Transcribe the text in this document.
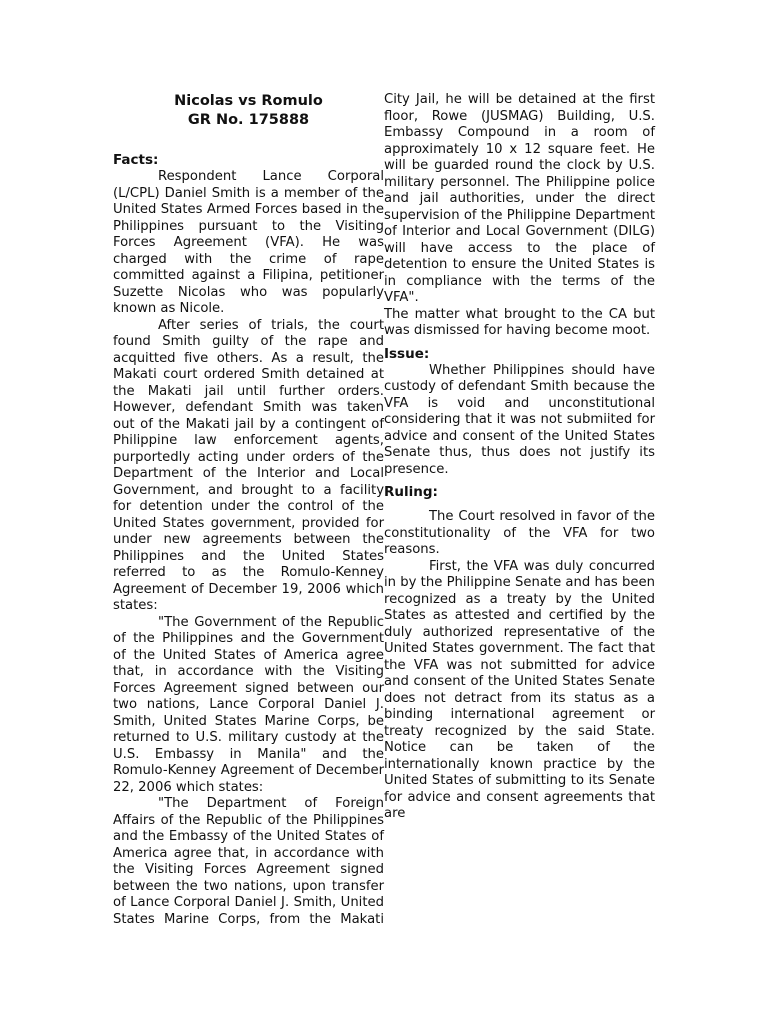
Nicolas vs Romulo
GR No. 175888
Facts:

Respondent Lance Corporal (L/CPL) Daniel Smith is a member of the United States Armed Forces based in the Philippines pursuant to the Visiting Forces Agreement (VFA). He was charged with the crime of rape committed against a Filipina, petitioner Suzette Nicolas who was popularly known as Nicole.

After series of trials, the court found Smith guilty of the rape and acquitted five others. As a result, the Makati court ordered Smith detained at the Makati jail until further orders. However, defendant Smith was taken out of the Makati jail by a contingent of Philippine law enforcement agents, purportedly acting under orders of the Department of the Interior and Local Government, and brought to a facility for detention under the control of the United States government, provided for under new agreements between the Philippines and the United States referred to as the Romulo-Kenney Agreement of December 19, 2006 which states:

"The Government of the Republic of the Philippines and the Government of the United States of America agree that, in accordance with the Visiting Forces Agreement signed between our two nations, Lance Corporal Daniel J. Smith, United States Marine Corps, be returned to U.S. military custody at the U.S. Embassy in Manila" and the Romulo-Kenney Agreement of December 22, 2006 which states:

"The Department of Foreign Affairs of the Republic of the Philippines and the Embassy of the United States of America agree that, in accordance with the Visiting Forces Agreement signed between the two nations, upon transfer of Lance Corporal Daniel J. Smith, United States Marine Corps, from the Makati

City Jail, he will be detained at the first floor, Rowe (JUSMAG) Building, U.S. Embassy Compound in a room of approximately 10 x 12 square feet. He will be guarded round the clock by U.S. military personnel. The Philippine police and jail authorities, under the direct supervision of the Philippine Department of Interior and Local Government (DILG) will have access to the place of detention to ensure the United States is in compliance with the terms of the VFA".

The matter what brought to the CA but was dismissed for having become moot.

Issue:

Whether Philippines should have custody of defendant Smith because the VFA is void and unconstitutional considering that it was not submiited for advice and consent of the United States Senate thus, thus does not justify its presence.

Ruling:

The Court resolved in favor of the constitutionality of the VFA for two reasons.

First, the VFA was duly concurred in by the Philippine Senate and has been recognized as a treaty by the United States as attested and certified by the duly authorized representative of the United States government. The fact that the VFA was not submitted for advice and consent of the United States Senate does not detract from its status as a binding international agreement or treaty recognized by the said State. Notice can be taken of the internationally known practice by the United States of submitting to its Senate for advice and consent agreements that are
